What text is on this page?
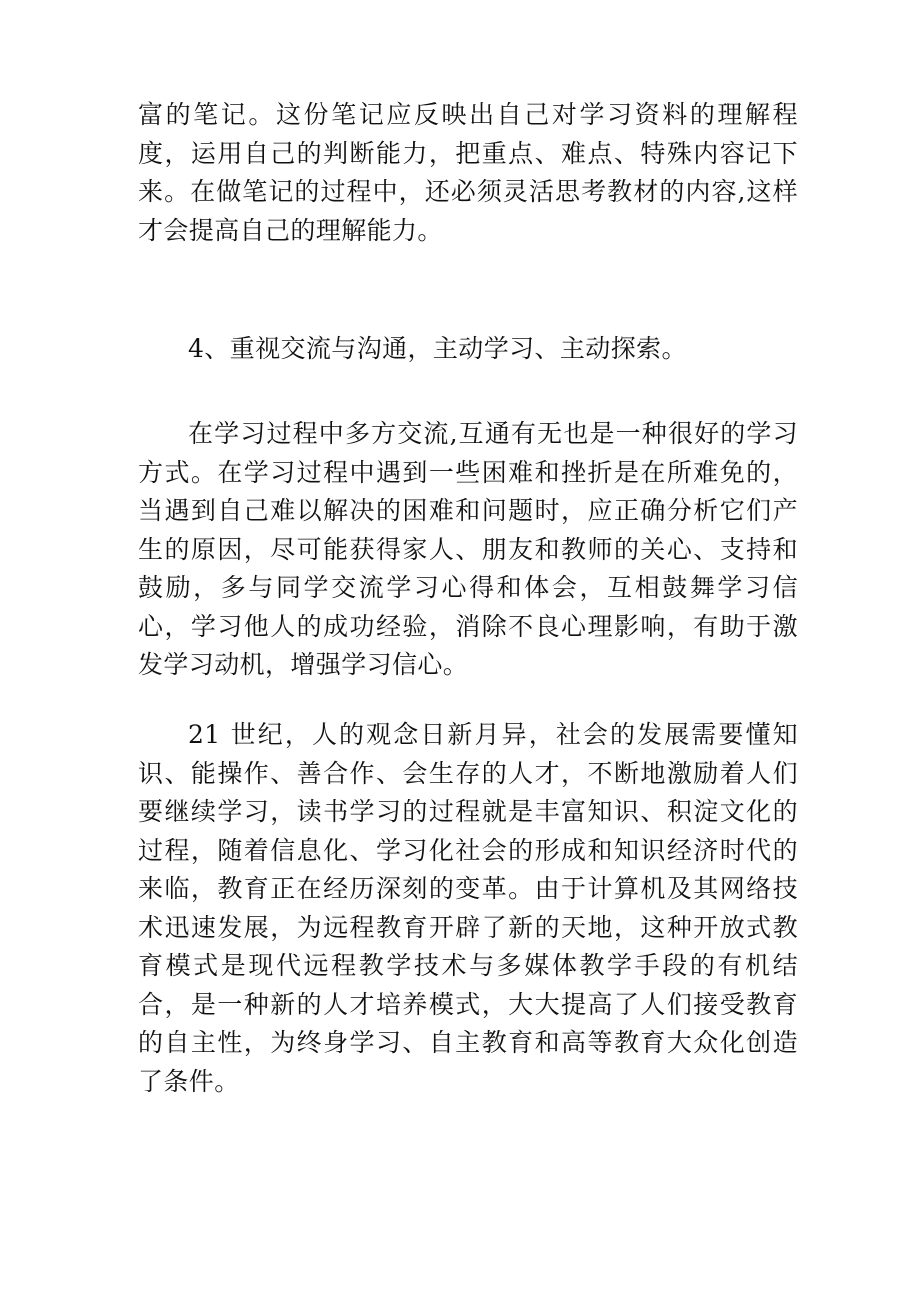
富的笔记。这份笔记应反映出自己对学习资料的理解程度，运用自己的判断能力，把重点、难点、特殊内容记下来。在做笔记的过程中，还必须灵活思考教材的内容,这样才会提高自己的理解能力。

4、重视交流与沟通，主动学习、主动探索。

在学习过程中多方交流,互通有无也是一种很好的学习方式。在学习过程中遇到一些困难和挫折是在所难免的，当遇到自己难以解决的困难和问题时，应正确分析它们产生的原因，尽可能获得家人、朋友和教师的关心、支持和鼓励，多与同学交流学习心得和体会，互相鼓舞学习信心，学习他人的成功经验，消除不良心理影响，有助于激发学习动机，增强学习信心。

21 世纪，人的观念日新月异，社会的发展需要懂知识、能操作、善合作、会生存的人才，不断地激励着人们要继续学习，读书学习的过程就是丰富知识、积淀文化的过程，随着信息化、学习化社会的形成和知识经济时代的来临，教育正在经历深刻的变革。由于计算机及其网络技术迅速发展，为远程教育开辟了新的天地，这种开放式教育模式是现代远程教学技术与多媒体教学手段的有机结合，是一种新的人才培养模式，大大提高了人们接受教育的自主性，为终身学习、自主教育和高等教育大众化创造了条件。
